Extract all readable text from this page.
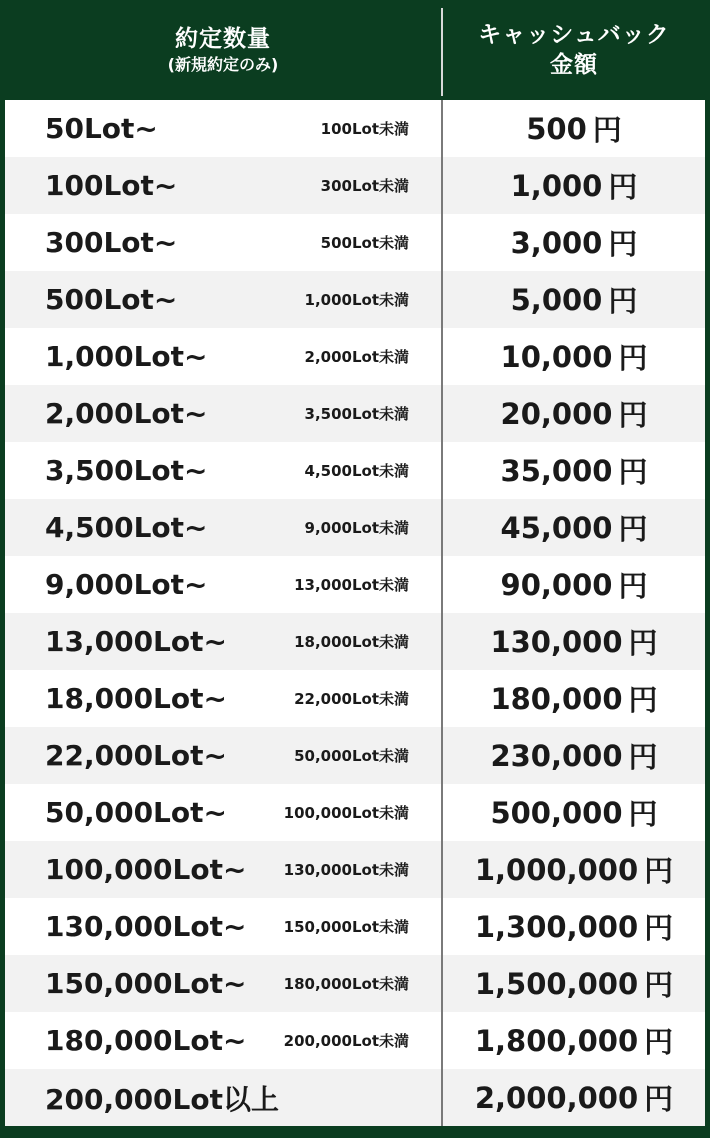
約定数量
(新規約定のみ)
キャッシュバック
金額
50Lot~	100Lot未満	500 円
100Lot~	300Lot未満	1,000 円
300Lot~	500Lot未満	3,000 円
500Lot~	1,000Lot未満	5,000 円
1,000Lot~	2,000Lot未満	10,000 円
2,000Lot~	3,500Lot未満	20,000 円
3,500Lot~	4,500Lot未満	35,000 円
4,500Lot~	9,000Lot未満	45,000 円
9,000Lot~	13,000Lot未満	90,000 円
13,000Lot~	18,000Lot未満	130,000 円
18,000Lot~	22,000Lot未満	180,000 円
22,000Lot~	50,000Lot未満	230,000 円
50,000Lot~	100,000Lot未満	500,000 円
100,000Lot~ 130,000Lot未満 1,000,000 円
130,000Lot~ 150,000Lot未満 1,300,000 円
150,000Lot~ 180,000Lot未満 1,500,000 円
180,000Lot~ 200,000Lot未満 1,800,000 円
200,000Lot以上	2,000,000 円
